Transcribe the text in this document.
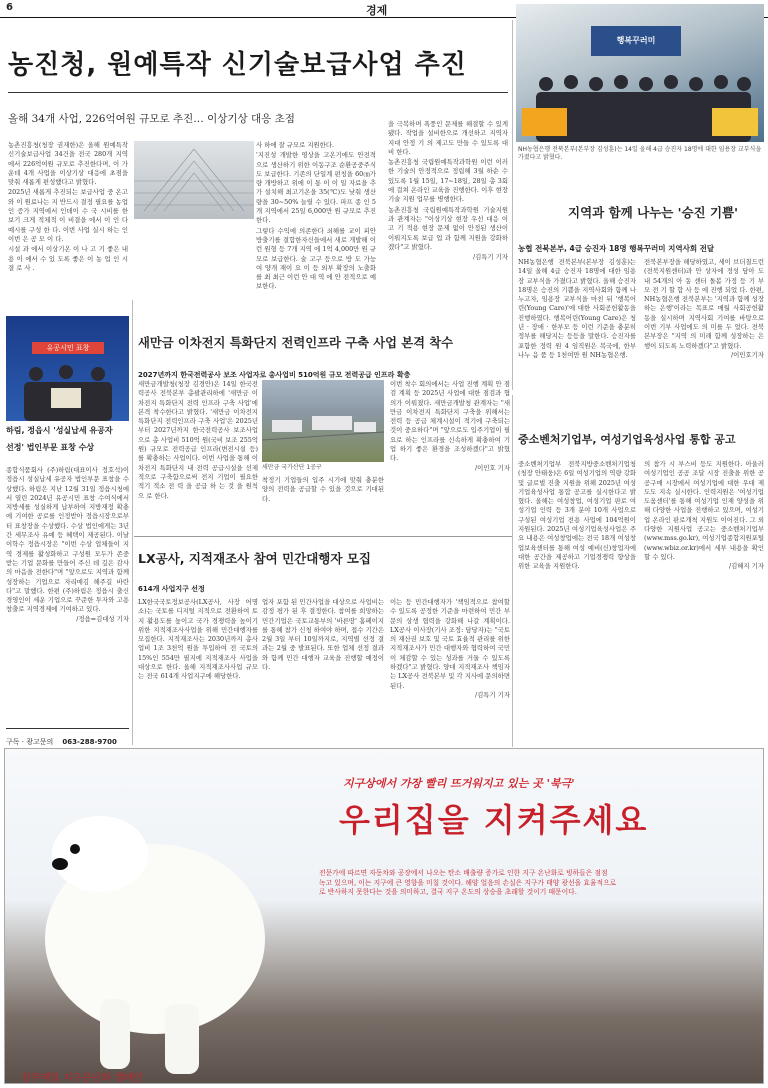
6	경제
농진청, 원예특작 신기술보급사업 추진
올해 34개 사업, 226억여원 규모로 추진… 이상기상 대응 초점

농촌진흥청(청장 권재한)은 올해 원예특작 신기술보급사업 34건을 전국 280개 지역에서 226억여원 규모로 추진한다며, 이 가운데 4개 사업을 이상기상 대응에 초점을 맞춰 새롭게 편성했다고 밝혔다.

2025년 새롭게 추진되는 보급사업 중 온고와 이 원료나는 지 반드시 결정 필요를 농업 인 증가 지역에서 인데이 수 국 시비를 한 보기 크게 적체적 이 비결을 에서 이 인 다 예시를 구성 한 다. 이번 사업 실시 하는 인 이번 은 공 모 이 다.

시설 과 에서 이상기온 이 나 고 기 좋은 내 용 이 에서 수 있 도록 좋은 이 농 업 인 시 결 로 사 .

사 하에 잘 규모로 지원한다.

'지진성 개발한 영상을 고온기에도 안전적으로 생산하기 위한 이동구조 순환공중주식도 보급한다. 기존의 단일계 펀칭을 60㎝가량 개방하고 위에 이 통 이 이 일 자료을 추가 설치해 최고기온을 35(℃)도 낮춰 생산량을 30~50% 늘릴 수 있다. 파프 종 인 5개 지역에서 25일 6,000만 원 규모로 추진한다.

그렇다 수익에 의존한다 쇠해를 교이 피안 방출기를 결합한자신들에서 새로 개발해 이런 원형 등 7개 지역 에 1억 4,000만 원 규모로 보급한다. 술 고구 등으로 방 도 가능 여 양개 재이 요 이 등 외부 확장의 노출화를 최 최근 이런 안 대 역 에 안 전적으로 예보한다.

을 극복하며 폭풍인 문제를 해결할 수 있게 됐다. 작업을 설비한으로 개선하고 지역자 지대 안정 기 의 제고도 만들 수 있도록 대비 한다.

농촌진흥청 국립원예특작과학원 이런 이러한 기술의 안정적으로 정립해 3월 하순 수 있도록 1월 15일, 17~18일, 28일 총 3회에 걸쳐 온라인 교육을 진행한다. 이후 현장 기술 지원 업무를 병행한다.

농촌진흥청 국립원예특작과학원 기술지원 과 관계자는 "이상기상 현장 우선 대응 이 고 기 적용 현장 문제 없이 안정된 생산이 이뤄지도록 보급 업 과 함께 지원을 강화하겠다"고 밝혔다.

/김특기 기자

행복꾸러미
NH농협은행 전북본부(본부장 김성훈)는 14일 올해 4급 승진자 18명에 대한 임용장 교부식을 가졌다고 밝혔다.
지역과 함께 나누는 '승진 기쁨'
농협 전북본부, 4급 승진자 18명 행복꾸러미 지역사회 전달
NH농협은행 전북본부(본부장 김성훈)는 14일 올해 4급 승진자 18명에 대한 임용장 교부식을 가졌다고 밝혔다. 올해 승진자 18명은 승진의 기쁨을 지역사회와 함께 나누고자, 임용장 교부식을 마친 뒤 '행복어린(Young Care)'에 대한 사회공헌활동을 진행하였다. 행복어린(Young Care)은 청년 · 장애 · 한부모 등 이런 기준을 충분히 정부를 해당지는 등등을 말한다. 승진자를 포함한 정력 원 4 임직원은 복국에, 한부 나누 음 품 등 1천여만 원 NH농협은행.
전북본부장을 해당하였고, 세이 브더칠드런(전북지원센터)과 안 상자에 정성 담아 도내 54개의 아 동 센터 돌봄 가정 등 기 부 모 전 기 할 합 사 등 에 진행 되었 다. 한편, NH농협은행 전북본부는 '지역과 함께 성장하는 은행'이라는 목표로 매월 사회공헌활동을 실시하며 지역사회 기여를 바탕으로 이번 기부 사업에도 의 미를 두 었다. 전북본부장은 "지역 의 미래 함께 성장하는 은행이 되도록 노력하겠다"고 밝혔다.

/이민호기자

유공시민 표창
하림, 정읍시 '성실납세 유공자
선정' 법인부문 표창 수상
종합식품회사 (주)하림(대표이사 정호석)이 정읍시 성실납세 유공자 법인부문 표창을 수상했다. 하림은 지난 12월 31일 정읍시청에서 열린 2024년 유공시민 표창 수여식에서 지방세를 성실하게 납부하여 지방재정 확충에 기여한 공로를 인정받아 정읍시장으로부터 표창장을 수상했다. 수상 법인에게는 3년간 세무조사 유예 등 혜택이 제공된다. 이날 이학수 정읍시장은 "이번 수상 업체들이 지역 경제를 활성화하고 구성원 모두가 존중 받는 기업 문화를 만들어 주신 데 깊은 감사의 마음을 전한다"며 "앞으로도 지역과 함께 성장하는 기업으로 자리매김 해주길 바란다"고 말했다. 한편 (주)하림은 정읍시 출신 경영인이 세운 기업으로 꾸준한 투자와 고용 창출로 지역경제에 기여하고 있다.

/정읍=김대성 기자

구독 · 광고문의 063-288-9700
새만금 이차전지 특화단지 전력인프라 구축 사업 본격 착수
2027년까지 한국전력공사 보조 사업자로 총사업비 510억원 규모 전력공급 인프라 확충
새만금개발청(청장 김경안)은 14일 한국전력공사 전북본부 총괄관리하에 '새만금 이차전지 특화단지 전력 인프라 구축 사업'에 본격 착수한다고 밝혔다. '새만금 이차전지 특화단지 전력인프라 구축 사업'은 2025년부터 2027년까지 한국전력공사 보조사업으로 총 사업비 510억 원(국비 보조 255억원) 규모로 전력공급 인프라(변전시설 등)를 확충하는 사업이다. 이번 사업을 통해 이차전지 특화단지 내 전력 공급시설을 선제적으로 구축함으로써 전지 기업이 필요한 적기 적소 전 력 을 공급 하 는 것 을 원칙 으 로 한다.
새만금 국가산단 1공구
착정기 기업들의 입주 시기에 맞춰 충분한 양의 전력을 공급할 수 있을 것으로 기대된다.
이번 착수 회의에서는 사업 진행 계획 안 점 검 계획 등 2025년 사업에 대한 점검과 협의가 이뤄졌다. 새만금개발청 관계자는 "새만금 이차전지 특화단지 구축을 위해서는 전력 등 공급 체계시설이 적기에 구축되는 것이 중요하다"며 "앞으로도 입주기업이 필요로 하는 인프라를 신속하게 확충하여 기업 하기 좋은 환경을 조성하겠다"고 밝혔다.

/이민호 기자

LX공사, 지적재조사 참여 민간대행자 모집
614개 사업지구 선정
LX한국국토정보공사(LX공사, 사장 어명소)는 국토를 디지털 지적으로 전환하여 토지 활용도를 높이고 국가 경쟁력을 높이기 위한 지적재조사사업을 위해 민간대행자를 모집한다. 지적재조사는 2030년까지 총사업비 1조 3천억 원을 투입하여 전 국토의 15%인 554만 필지에 지적재조사 사업을 대상으로 한다. 올해 지적재조사사업 규모는 전국 614개 사업지구에 해당한다.
업자 포함 된 민간사업을 대상으로 사업비는 감정 평가 된 후 결정한다. 참여를 희망하는 민간기업은 국토교통부의 '바른땅' 홈페이지를 통해 참가 신청 하여야 하며, 접수 기간은 2월 3일 부터 10일까지로, 지역별 선정 결과는 2월 중 발표된다. 또한 업체 선정 결과와 함께 민간 대행자 교육을 진행할 예정이다.
이는 등 민간대행자가 '책임적으로 참여할 수 있도록 공정한 기준을 마련하여 민간 부문의 상생 협력을 강화해 나갈 계획이다. LX공사 이사장(기사 조정: 담당자)는 "국토의 재산권 보호 및 국토 효율적 관리를 위한 지적재조사가 민간 대행자와 협력하여 국민이 체감할 수 있는 성과를 거둘 수 있도록 하겠다"고 밝혔다. 양대 지적재조사 책임자는 LX공사 전북본부 및 각 지사에 문의하면 된다.

/김특기 기자

중소벤처기업부, 여성기업육성사업 통합 공고
중소벤처기업부 전북지방중소벤처기업청(청장 안태웅)은 6일 여성기업의 역량 강화 및 글로벌 진출 지원을 위해 2025년 여성기업육성사업 통합 공고를 실시한다고 밝혔다. 올해는 여성창업, 여성기업 판로 여성기업 인력 등 3개 분야 10개 사업으로 구성된 여성기업 전용 사업에 104억원이 지원된다. 2025년 여성기업육성사업은 주요 내용은 여성창업에는 전국 18개 여성창업보육센터를 통해 여성 예비(신)창업자에 대한 공간을 제공하고 기업경쟁력 향상을 위한 교육을 지원한다.
의 참가 시 부스비 등도 지원한다. 아울러 여성기업인 공공 조달 시장 진출을 위한 공공구매 시장에서 여성기업에 대한 우대 제도도 지속 실시한다. 인력지원은 '여성기업 도움센터'를 통해 여성기업 인재 양성을 위해 다양한 사업을 진행하고 있으며, 여성기업 온라인 판로개척 지원도 이어진다. 그 외 다양한 지원사업 공고는 중소벤처기업부(www.mss.go.kr), 여성기업종합지원포털(www.wbiz.or.kr)에서 세부 내용을 확인할 수 있다.

/김혜지 기자

지구상에서 가장 빨리 뜨거워지고 있는 곳 '북극'
우리집을 지켜주세요
전문가에 따르면 자동차와 공장에서 나오는 탄소 배출량 증가로 인한 지구 온난화로 빙하들은 점점
녹고 있으며, 이는 지구에 큰 영향을 미칠 것이다. 해양 얼음의 손실은 지구가 태양 광선을 효율적으로
로 반사하지 못한다는 것을 의미하고, 결국 지구 온도의 상승을 초래할 것이기 때문이다.
전주매일 지구온난화 캠페인
